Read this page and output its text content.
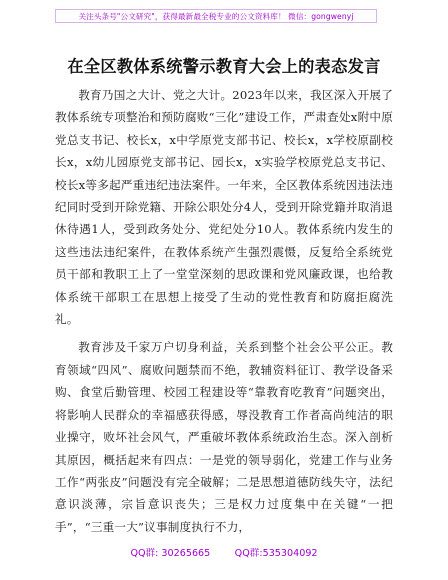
关注头条号"公文研究"，获得最新最全税专业的公文资料库！ 微信：gongwenyj
在全区教体系统警示教育大会上的表态发言

教育乃国之大计、党之大计。2023年以来，我区深入开展了教体系统专项整治和预防腐败“三化”建设工作，严肃查处x附中原党总支书记、校长x，x中学原党支部书记、校长x，x学校原副校长x，x幼儿园原党支部书记、园长x，x实验学校原党总支书记、校长x等多起严重违纪违法案件。一年来，全区教体系统因违法违纪同时受到开除党籍、开除公职处分4人，受到开除党籍并取消退休待遇1人，受到政务处分、党纪处分10人。教体系统内发生的这些违法违纪案件，在教体系统产生强烈震慑，反复给全系统党员干部和教职工上了一堂堂深刻的思政课和党风廉政课，也给教体系统干部职工在思想上接受了生动的党性教育和防腐拒腐洗礼。

教育涉及千家万户切身利益，关系到整个社会公平公正。教育领域“四风”、腐败问题禁而不绝，教辅资料征订、教学设备采购、食堂后勤管理、校园工程建设等“靠教育吃教育”问题突出，将影响人民群众的幸福感获得感，辱没教育工作者高尚纯洁的职业操守，败坏社会风气，严重破坏教体系统政治生态。深入剖析其原因，概括起来有四点：一是党的领导弱化，党建工作与业务工作“两张皮”问题没有完全破解；二是思想道德防线失守，法纪意识淡薄，宗旨意识丧失；三是权力过度集中在关键“一把手”，“三重一大”议事制度执行不力，

QQ群: 30265665        QQ群:535304092
